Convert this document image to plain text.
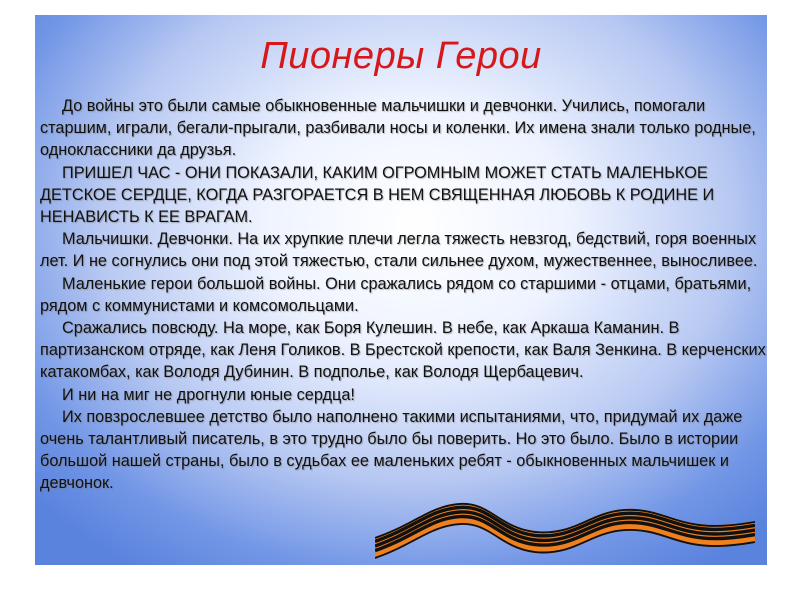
Пионеры Герои

До войны это были самые обыкновенные мальчишки и девчонки. Учились, помогали старшим, играли, бегали-прыгали, разбивали носы и коленки. Их имена знали только родные, одноклассники да друзья.

ПРИШЕЛ ЧАС - ОНИ ПОКАЗАЛИ, КАКИМ ОГРОМНЫМ МОЖЕТ СТАТЬ МАЛЕНЬКОЕ ДЕТСКОЕ СЕРДЦЕ, КОГДА РАЗГОРАЕТСЯ В НЕМ СВЯЩЕННАЯ ЛЮБОВЬ К РОДИНЕ И НЕНАВИСТЬ К ЕЕ ВРАГАМ.

Мальчишки. Девчонки. На их хрупкие плечи легла тяжесть невзгод, бедствий, горя военных лет. И не согнулись они под этой тяжестью, стали сильнее духом, мужественнее, выносливее.

Маленькие герои большой войны. Они сражались рядом со старшими - отцами, братьями, рядом с коммунистами и комсомольцами.

Сражались повсюду. На море, как Боря Кулешин. В небе, как Аркаша Каманин. В партизанском отряде, как Леня Голиков. В Брестской крепости, как Валя Зенкина. В керченских катакомбах, как Володя Дубинин. В подполье, как Володя Щербацевич.

И ни на миг не дрогнули юные сердца!

Их повзрослевшее детство было наполнено такими испытаниями, что, придумай их даже очень талантливый писатель, в это трудно было бы поверить. Но это было. Было в истории большой нашей страны, было в судьбах ее маленьких ребят - обыкновенных мальчишек и девчонок.
